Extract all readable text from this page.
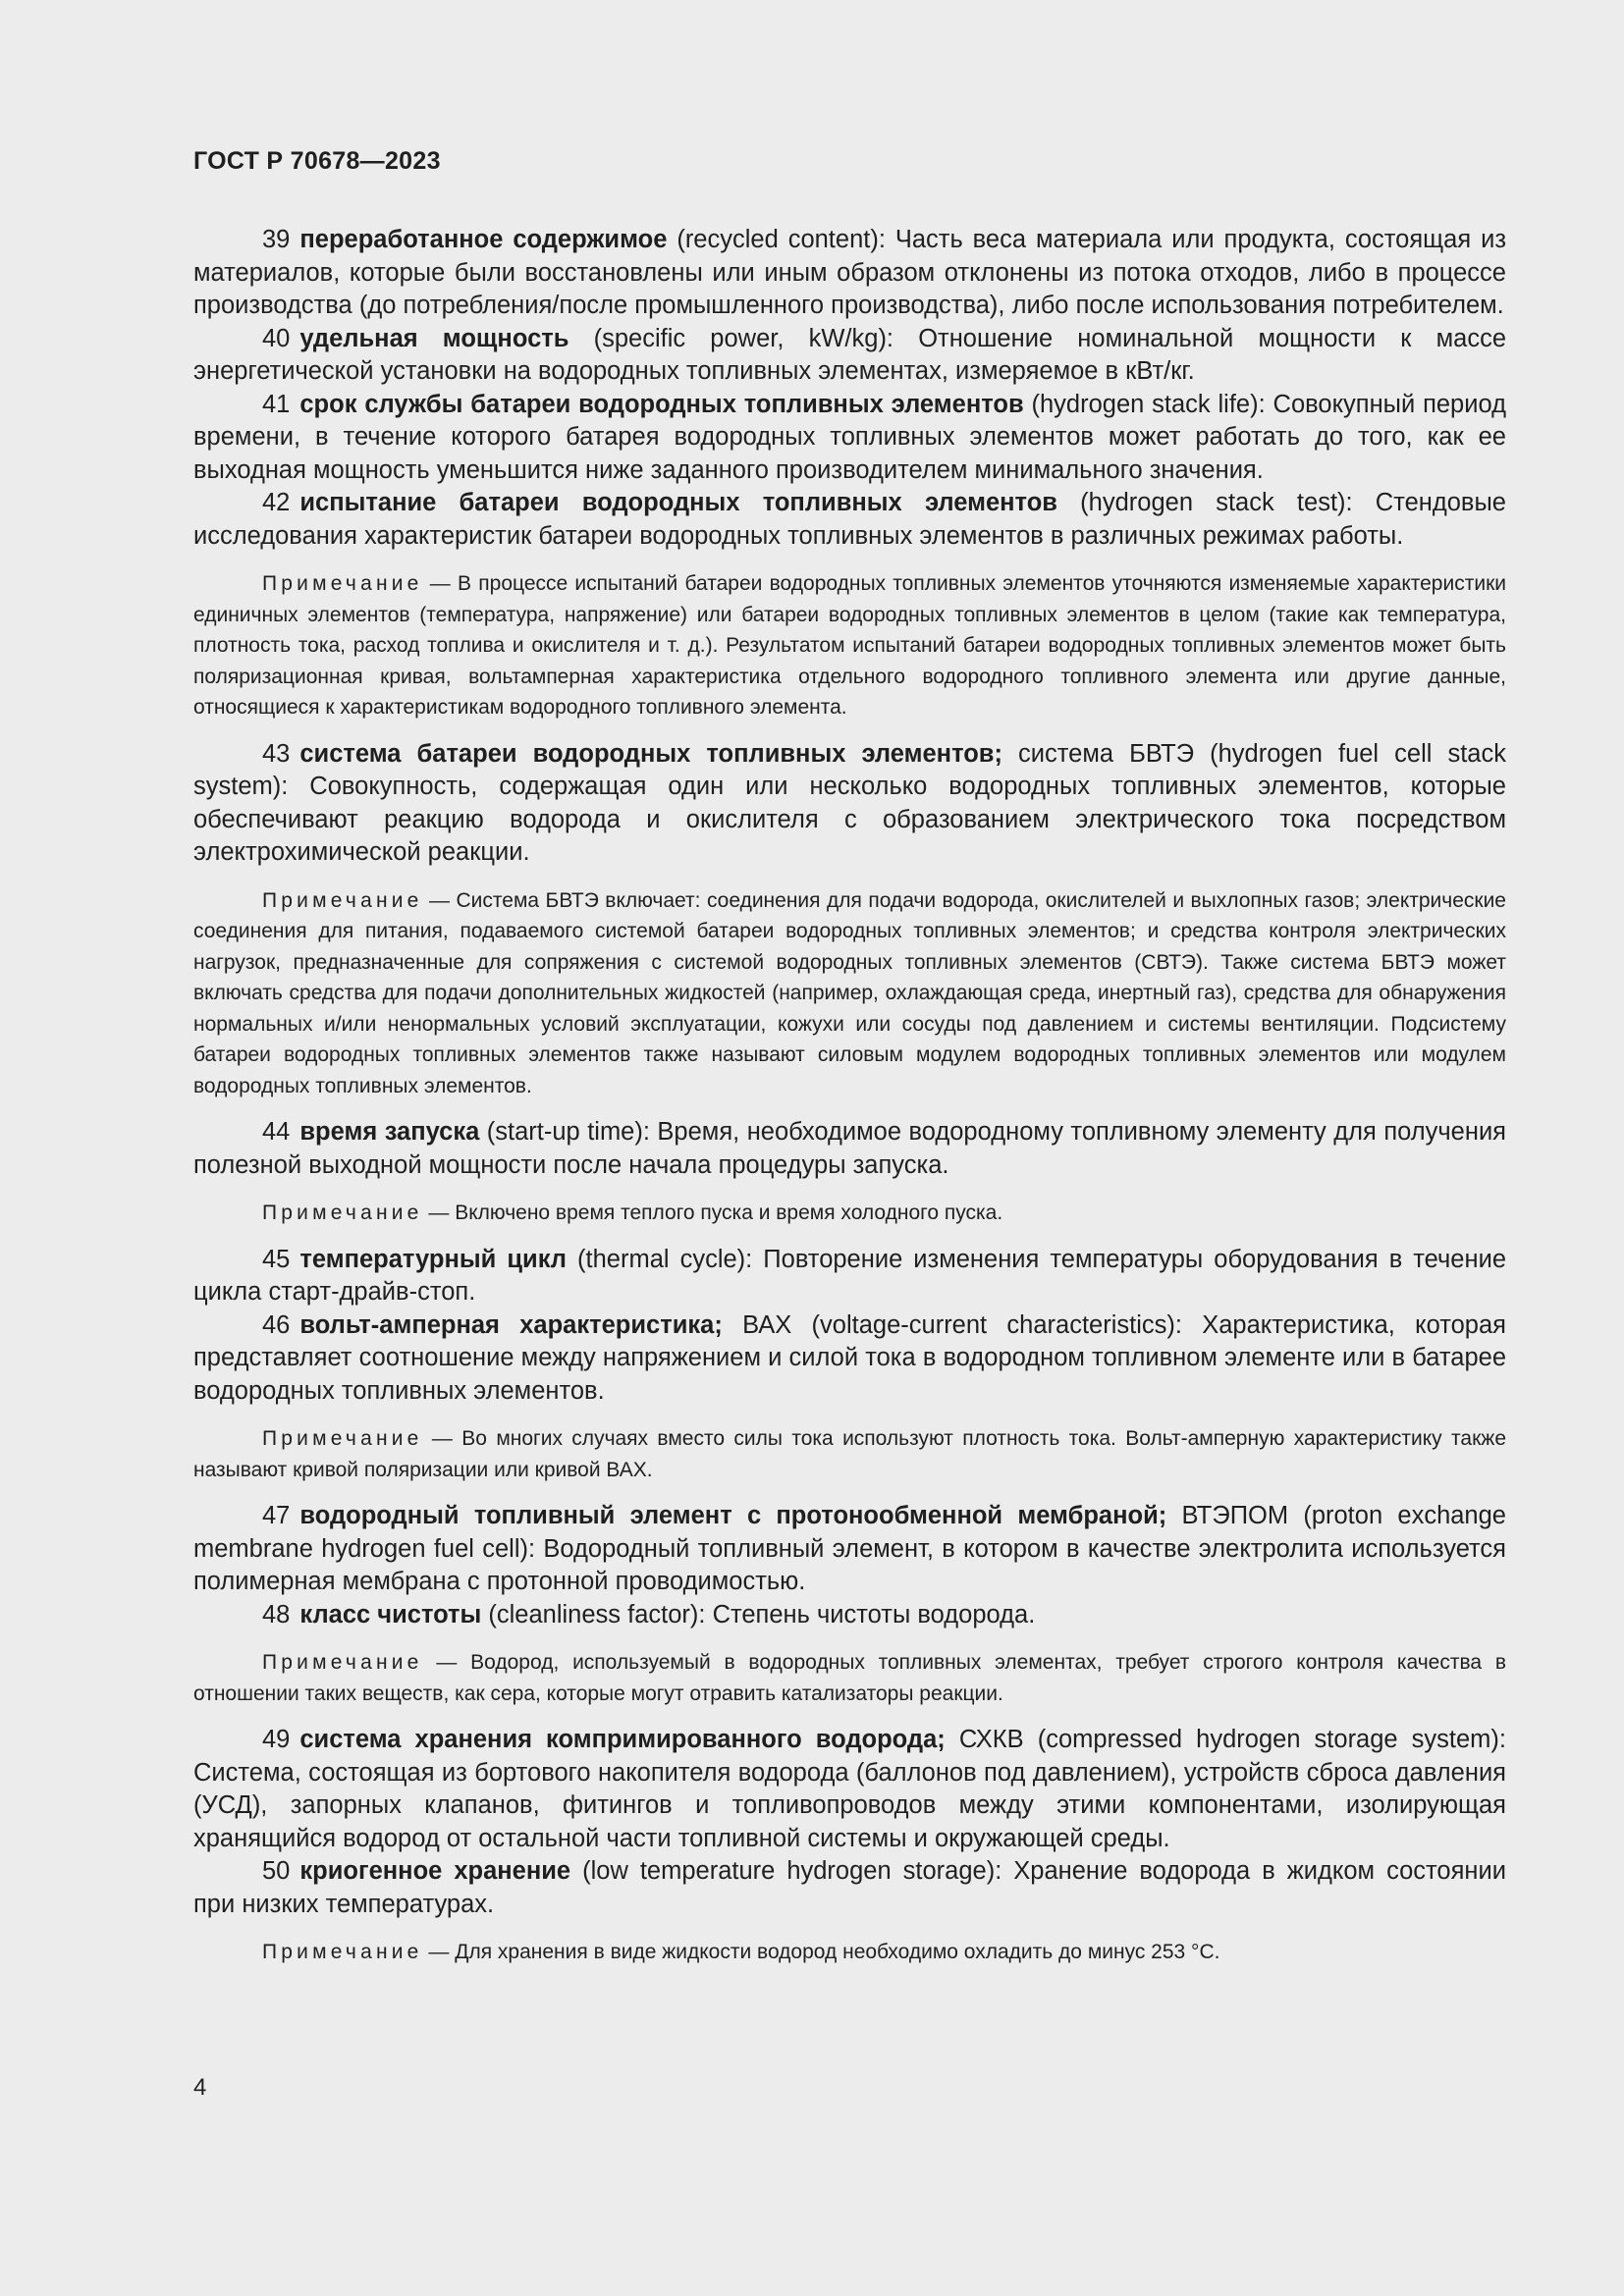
ГОСТ Р 70678—2023

39 переработанное содержимое (recycled content): Часть веса материала или продукта, состоящая из материалов, которые были восстановлены или иным образом отклонены из потока отходов, либо в процессе производства (до потребления/после промышленного производства), либо после использования потребителем.

40 удельная мощность (specific power, kW/kg): Отношение номинальной мощности к массе энергетической установки на водородных топливных элементах, измеряемое в кВт/кг.

41 срок службы батареи водородных топливных элементов (hydrogen stack life): Совокупный период времени, в течение которого батарея водородных топливных элементов может работать до того, как ее выходная мощность уменьшится ниже заданного производителем минимального значения.

42 испытание батареи водородных топливных элементов (hydrogen stack test): Стендовые исследования характеристик батареи водородных топливных элементов в различных режимах работы.

Примечание — В процессе испытаний батареи водородных топливных элементов уточняются изменяемые характеристики единичных элементов (температура, напряжение) или батареи водородных топливных элементов в целом (такие как температура, плотность тока, расход топлива и окислителя и т. д.). Результатом испытаний батареи водородных топливных элементов может быть поляризационная кривая, вольтамперная характеристика отдельного водородного топливного элемента или другие данные, относящиеся к характеристикам водородного топливного элемента.

43 система батареи водородных топливных элементов; система БВТЭ (hydrogen fuel cell stack system): Совокупность, содержащая один или несколько водородных топливных элементов, которые обеспечивают реакцию водорода и окислителя с образованием электрического тока посредством электрохимической реакции.

Примечание — Система БВТЭ включает: соединения для подачи водорода, окислителей и выхлопных газов; электрические соединения для питания, подаваемого системой батареи водородных топливных элементов; и средства контроля электрических нагрузок, предназначенные для сопряжения с системой водородных топливных элементов (СВТЭ). Также система БВТЭ может включать средства для подачи дополнительных жидкостей (например, охлаждающая среда, инертный газ), средства для обнаружения нормальных и/или ненормальных условий эксплуатации, кожухи или сосуды под давлением и системы вентиляции. Подсистему батареи водородных топливных элементов также называют силовым модулем водородных топливных элементов или модулем водородных топливных элементов.

44 время запуска (start-up time): Время, необходимое водородному топливному элементу для получения полезной выходной мощности после начала процедуры запуска.

Примечание — Включено время теплого пуска и время холодного пуска.

45 температурный цикл (thermal cycle): Повторение изменения температуры оборудования в течение цикла старт-драйв-стоп.

46 вольт-амперная характеристика; ВАХ (voltage-current characteristics): Характеристика, которая представляет соотношение между напряжением и силой тока в водородном топливном элементе или в батарее водородных топливных элементов.

Примечание — Во многих случаях вместо силы тока используют плотность тока. Вольт-амперную характеристику также называют кривой поляризации или кривой ВАХ.

47 водородный топливный элемент с протонообменной мембраной; ВТЭПОМ (proton exchange membrane hydrogen fuel cell): Водородный топливный элемент, в котором в качестве электролита используется полимерная мембрана с протонной проводимостью.

48 класс чистоты (cleanliness factor): Степень чистоты водорода.

Примечание — Водород, используемый в водородных топливных элементах, требует строгого контроля качества в отношении таких веществ, как сера, которые могут отравить катализаторы реакции.

49 система хранения компримированного водорода; СХКВ (compressed hydrogen storage system): Система, состоящая из бортового накопителя водорода (баллонов под давлением), устройств сброса давления (УСД), запорных клапанов, фитингов и топливопроводов между этими компонентами, изолирующая хранящийся водород от остальной части топливной системы и окружающей среды.

50 криогенное хранение (low temperature hydrogen storage): Хранение водорода в жидком состоянии при низких температурах.

Примечание — Для хранения в виде жидкости водород необходимо охладить до минус 253 °С.

4
